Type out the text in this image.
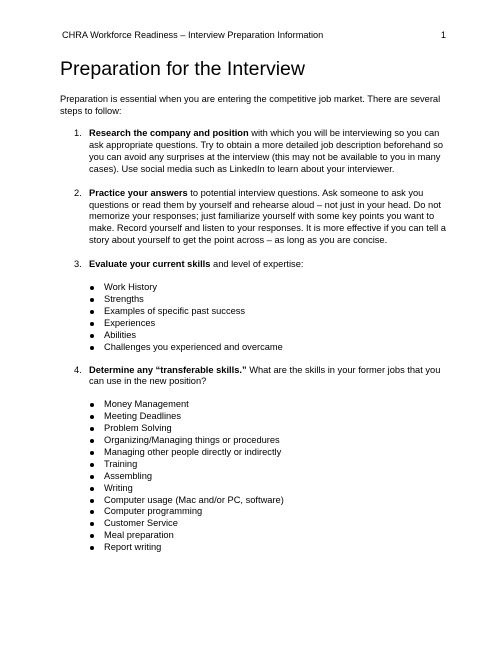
CHRA Workforce Readiness – Interview Preparation Information	1
Preparation for the Interview

Preparation is essential when you are entering the competitive job market. There are several steps to follow:

1. Research the company and position with which you will be interviewing so you can ask appropriate questions. Try to obtain a more detailed job description beforehand so you can avoid any surprises at the interview (this may not be available to you in many cases). Use social media such as LinkedIn to learn about your interviewer.
2. Practice your answers to potential interview questions. Ask someone to ask you questions or read them by yourself and rehearse aloud – not just in your head. Do not memorize your responses; just familiarize yourself with some key points you want to make. Record yourself and listen to your responses. It is more effective if you can tell a story about yourself to get the point across – as long as you are concise.
3. Evaluate your current skills and level of expertise:
Work History
Strengths
Examples of specific past success
Experiences
Abilities
Challenges you experienced and overcame
4. Determine any “transferable skills.” What are the skills in your former jobs that you can use in the new position?
Money Management
Meeting Deadlines
Problem Solving
Organizing/Managing things or procedures
Managing other people directly or indirectly
Training
Assembling
Writing
Computer usage (Mac and/or PC, software)
Computer programming
Customer Service
Meal preparation
Report writing
